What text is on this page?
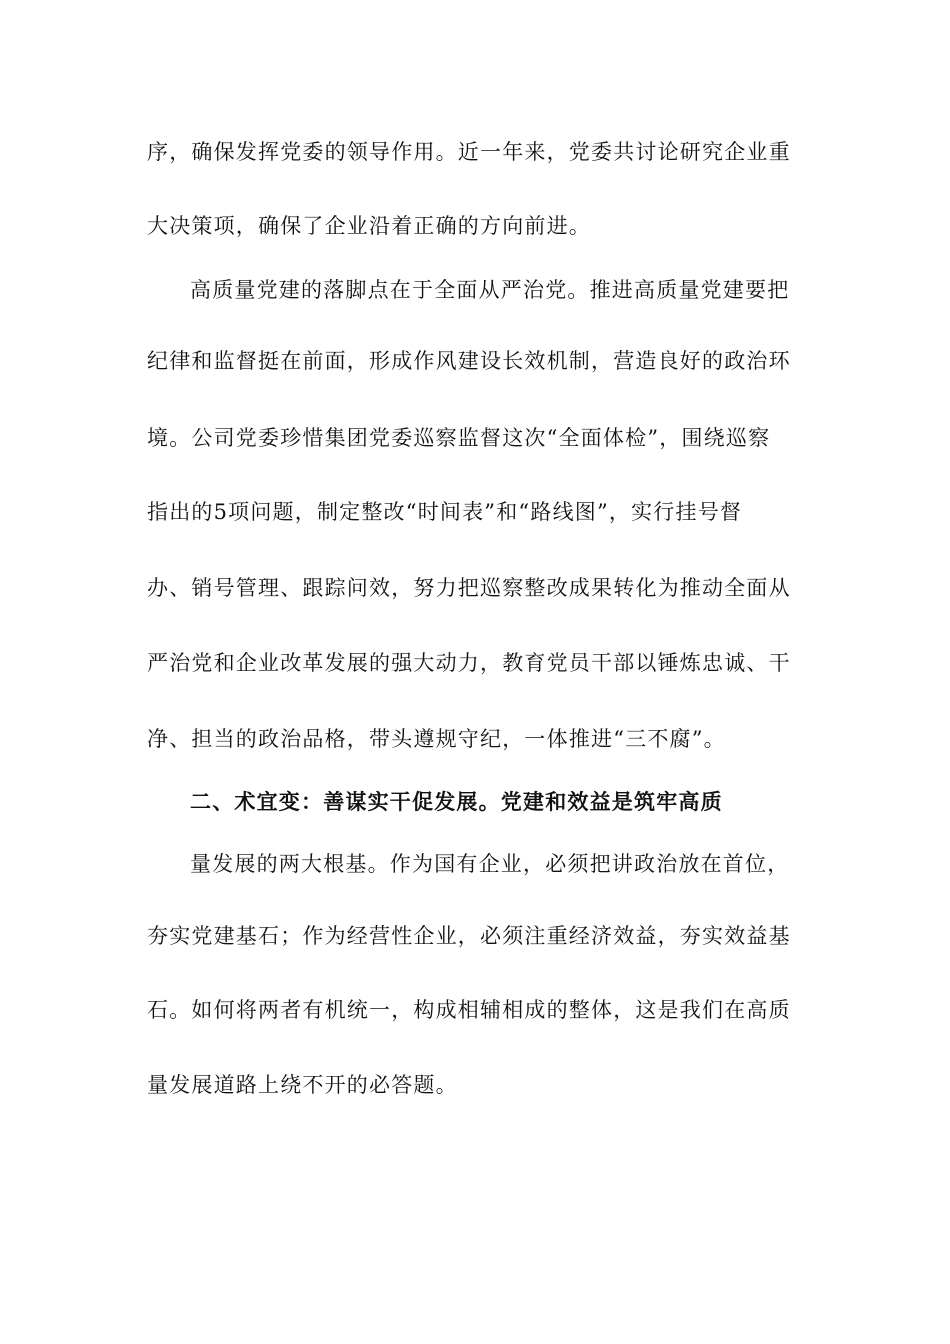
序，确保发挥党委的领导作用。近一年来，党委共讨论研究企业重
大决策项，确保了企业沿着正确的方向前进。
高质量党建的落脚点在于全面从严治党。推进高质量党建要把
纪律和监督挺在前面，形成作风建设长效机制，营造良好的政治环
境。公司党委珍惜集团党委巡察监督这次“全面体检”，围绕巡察
指出的5项问题，制定整改“时间表”和“路线图”，实行挂号督
办、销号管理、跟踪问效，努力把巡察整改成果转化为推动全面从
严治党和企业改革发展的强大动力，教育党员干部以锤炼忠诚、干
净、担当的政治品格，带头遵规守纪，一体推进“三不腐”。
二、术宜变：善谋实干促发展。党建和效益是筑牢高质
量发展的两大根基。作为国有企业，必须把讲政治放在首位，
夯实党建基石；作为经营性企业，必须注重经济效益，夯实效益基
石。如何将两者有机统一，构成相辅相成的整体，这是我们在高质
量发展道路上绕不开的必答题。
